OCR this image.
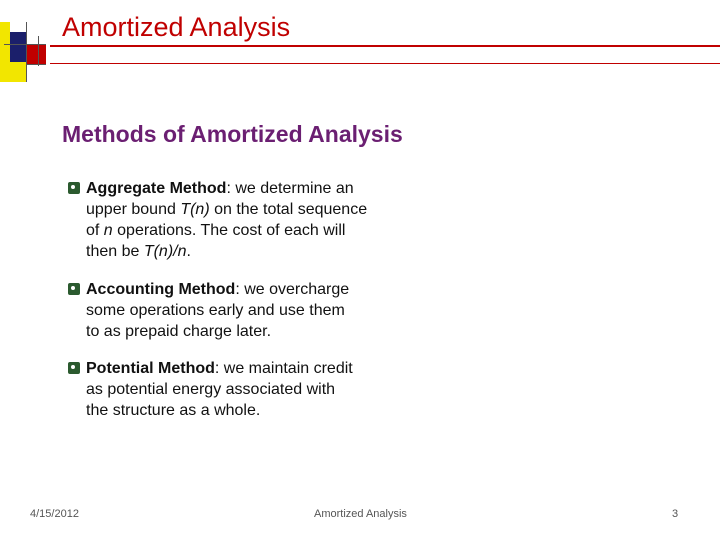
Amortized Analysis
Methods of Amortized Analysis
Aggregate Method: we determine an
upper bound T(n) on the total sequence
of n operations. The cost of each will
then be T(n)/n.
Accounting Method: we overcharge
some operations early and use them
to as prepaid charge later.
Potential Method: we maintain credit
as potential energy associated with
the structure as a whole.
4/15/2012	Amortized Analysis	3
